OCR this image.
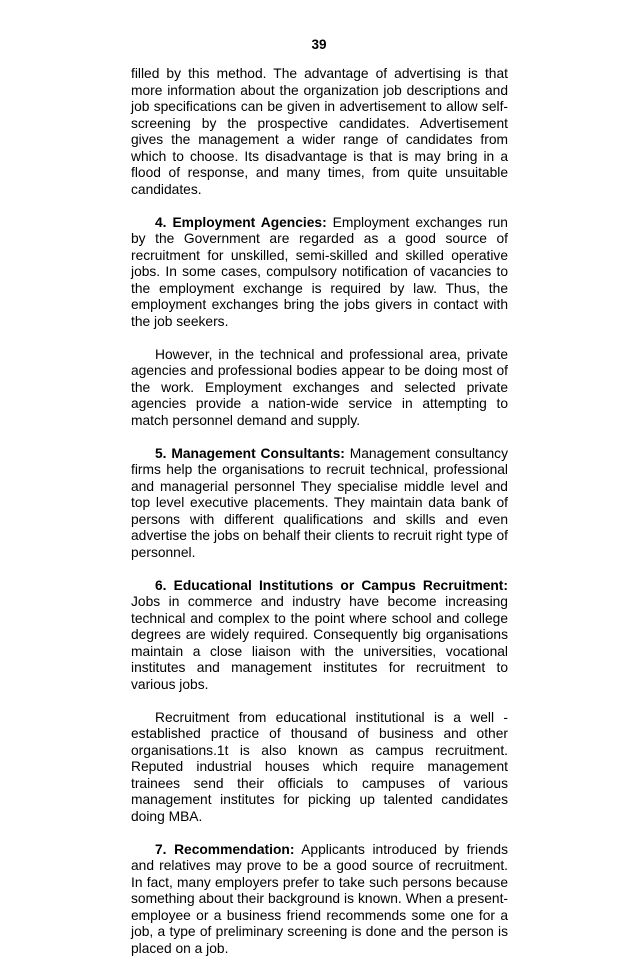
39

filled by this method. The advantage of advertising is that more information about the organization job descriptions and job specifications can be given in advertisement to allow self-screening by the prospective candidates. Advertisement gives the management a wider range of candidates from which to choose. Its disadvantage is that is may bring in a flood of response, and many times, from quite unsuitable candidates.

4. Employment Agencies: Employment exchanges run by the Government are regarded as a good source of recruitment for unskilled, semi-skilled and skilled operative jobs. In some cases, compulsory notification of vacancies to the employment exchange is required by law. Thus, the employment exchanges bring the jobs givers in contact with the job seekers.

However, in the technical and professional area, private agencies and professional bodies appear to be doing most of the work. Employment exchanges and selected private agencies provide a nation-wide service in attempting to match personnel demand and supply.

5. Management Consultants: Management consultancy firms help the organisations to recruit technical, professional and managerial personnel They specialise middle level and top level executive placements. They maintain data bank of persons with different qualifications and skills and even advertise the jobs on behalf their clients to recruit right type of personnel.

6. Educational Institutions or Campus Recruitment: Jobs in commerce and industry have become increasing technical and complex to the point where school and college degrees are widely required. Consequently big organisations maintain a close liaison with the universities, vocational institutes and management institutes for recruitment to various jobs.

Recruitment from educational institutional is a well - established practice of thousand of business and other organisations.1t is also known as campus recruitment. Reputed industrial houses which require management trainees send their officials to campuses of various management institutes for picking up talented candidates doing MBA.

7. Recommendation: Applicants introduced by friends and relatives may prove to be a good source of recruitment. In fact, many employers prefer to take such persons because something about their background is known. When a present-employee or a business friend recommends some one for a job, a type of preliminary screening is done and the person is placed on a job.
